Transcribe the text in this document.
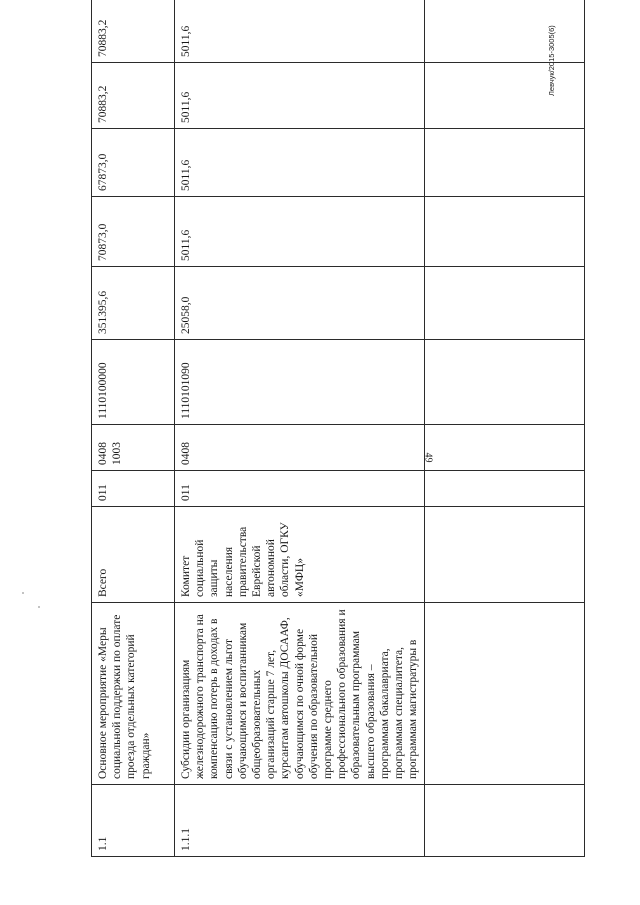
49
Левчук/2015-3005(6)
1.1	Основное мероприятие «Меры социальной поддержки по оплате проезда отдельных категорий граждан»	Всего	011	0408 1003	1110100000	351395,6	70873,0	67873,0	70883,2	70883,2	
1.1.1	Субсидии организациям железнодорожного транспорта на компенсацию потерь в доходах в связи с установлением льгот обучающимся и воспитанникам общеобразовательных организаций старше 7 лет, курсантам автошколы ДОСААФ, обучающимся по очной форме обучения по образовательной программе среднего профессионального образования и образовательным программам высшего образования – программам бакалавриата, программам специалитета, программам магистратуры в	Комитет социальной защиты населения правительства Еврейской автономной области, ОГКУ «МФЦ»	011	0408	1110101090	25058,0	5011,6	5011,6	5011,6	5011,6	
